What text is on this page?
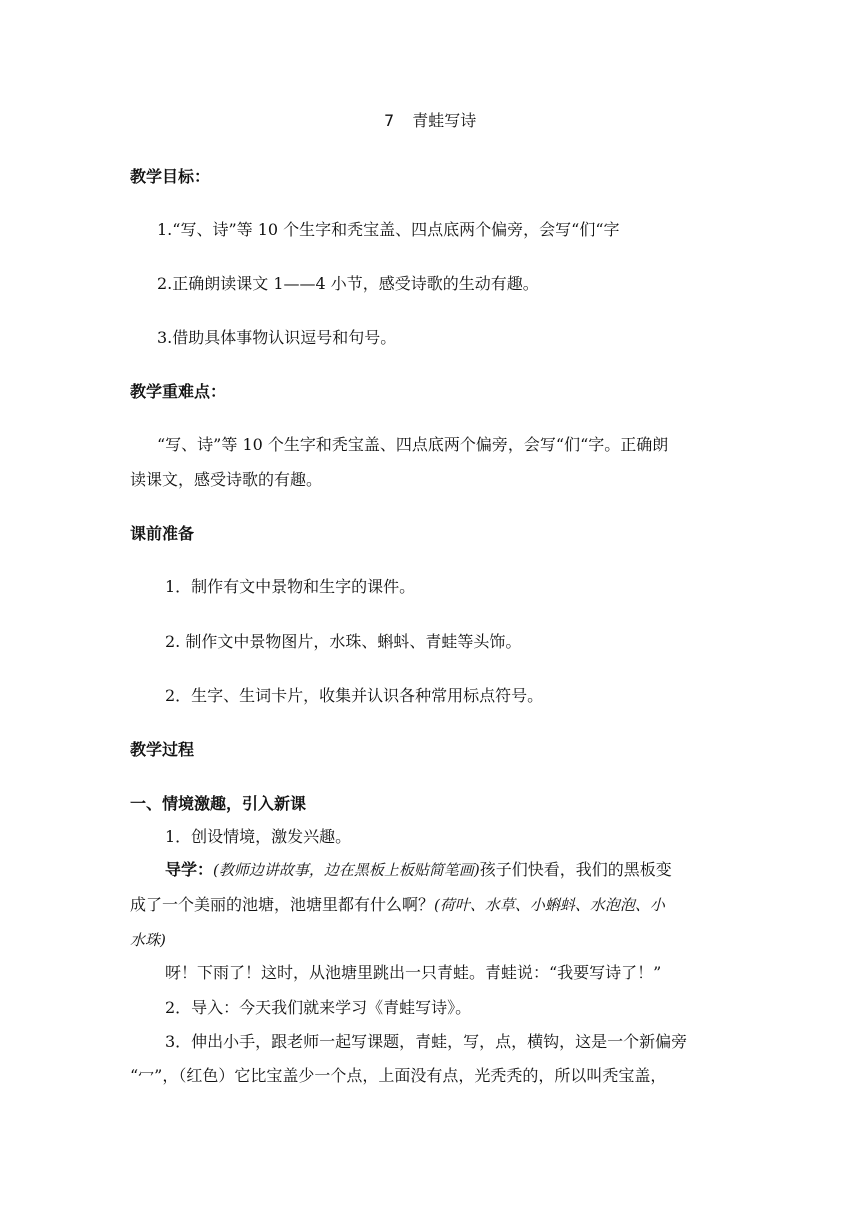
7 青蛙写诗
教学目标：
1.“写、诗”等 10 个生字和秃宝盖、四点底两个偏旁，会写“们“字
2.正确朗读课文 1——4 小节，感受诗歌的生动有趣。
3.借助具体事物认识逗号和句号。
教学重难点：
“写、诗”等 10 个生字和秃宝盖、四点底两个偏旁，会写“们“字。正确朗
读课文，感受诗歌的有趣。
课前准备
1．制作有文中景物和生字的课件。
2. 制作文中景物图片，水珠、蝌蚪、青蛙等头饰。
2．生字、生词卡片，收集并认识各种常用标点符号。
教学过程
一、情境激趣，引入新课
1．创设情境，激发兴趣。
导学：(教师边讲故事，边在黑板上板贴简笔画)孩子们快看，我们的黑板变
成了一个美丽的池塘，池塘里都有什么啊？(荷叶、水草、小蝌蚪、水泡泡、小
水珠)
呀！下雨了！这时，从池塘里跳出一只青蛙。青蛙说：“我要写诗了！”
2．导入：今天我们就来学习《青蛙写诗》。
3．伸出小手，跟老师一起写课题，青蛙，写，点，横钩，这是一个新偏旁
“冖”，（红色）它比宝盖少一个点，上面没有点，光秃秃的，所以叫秃宝盖，
